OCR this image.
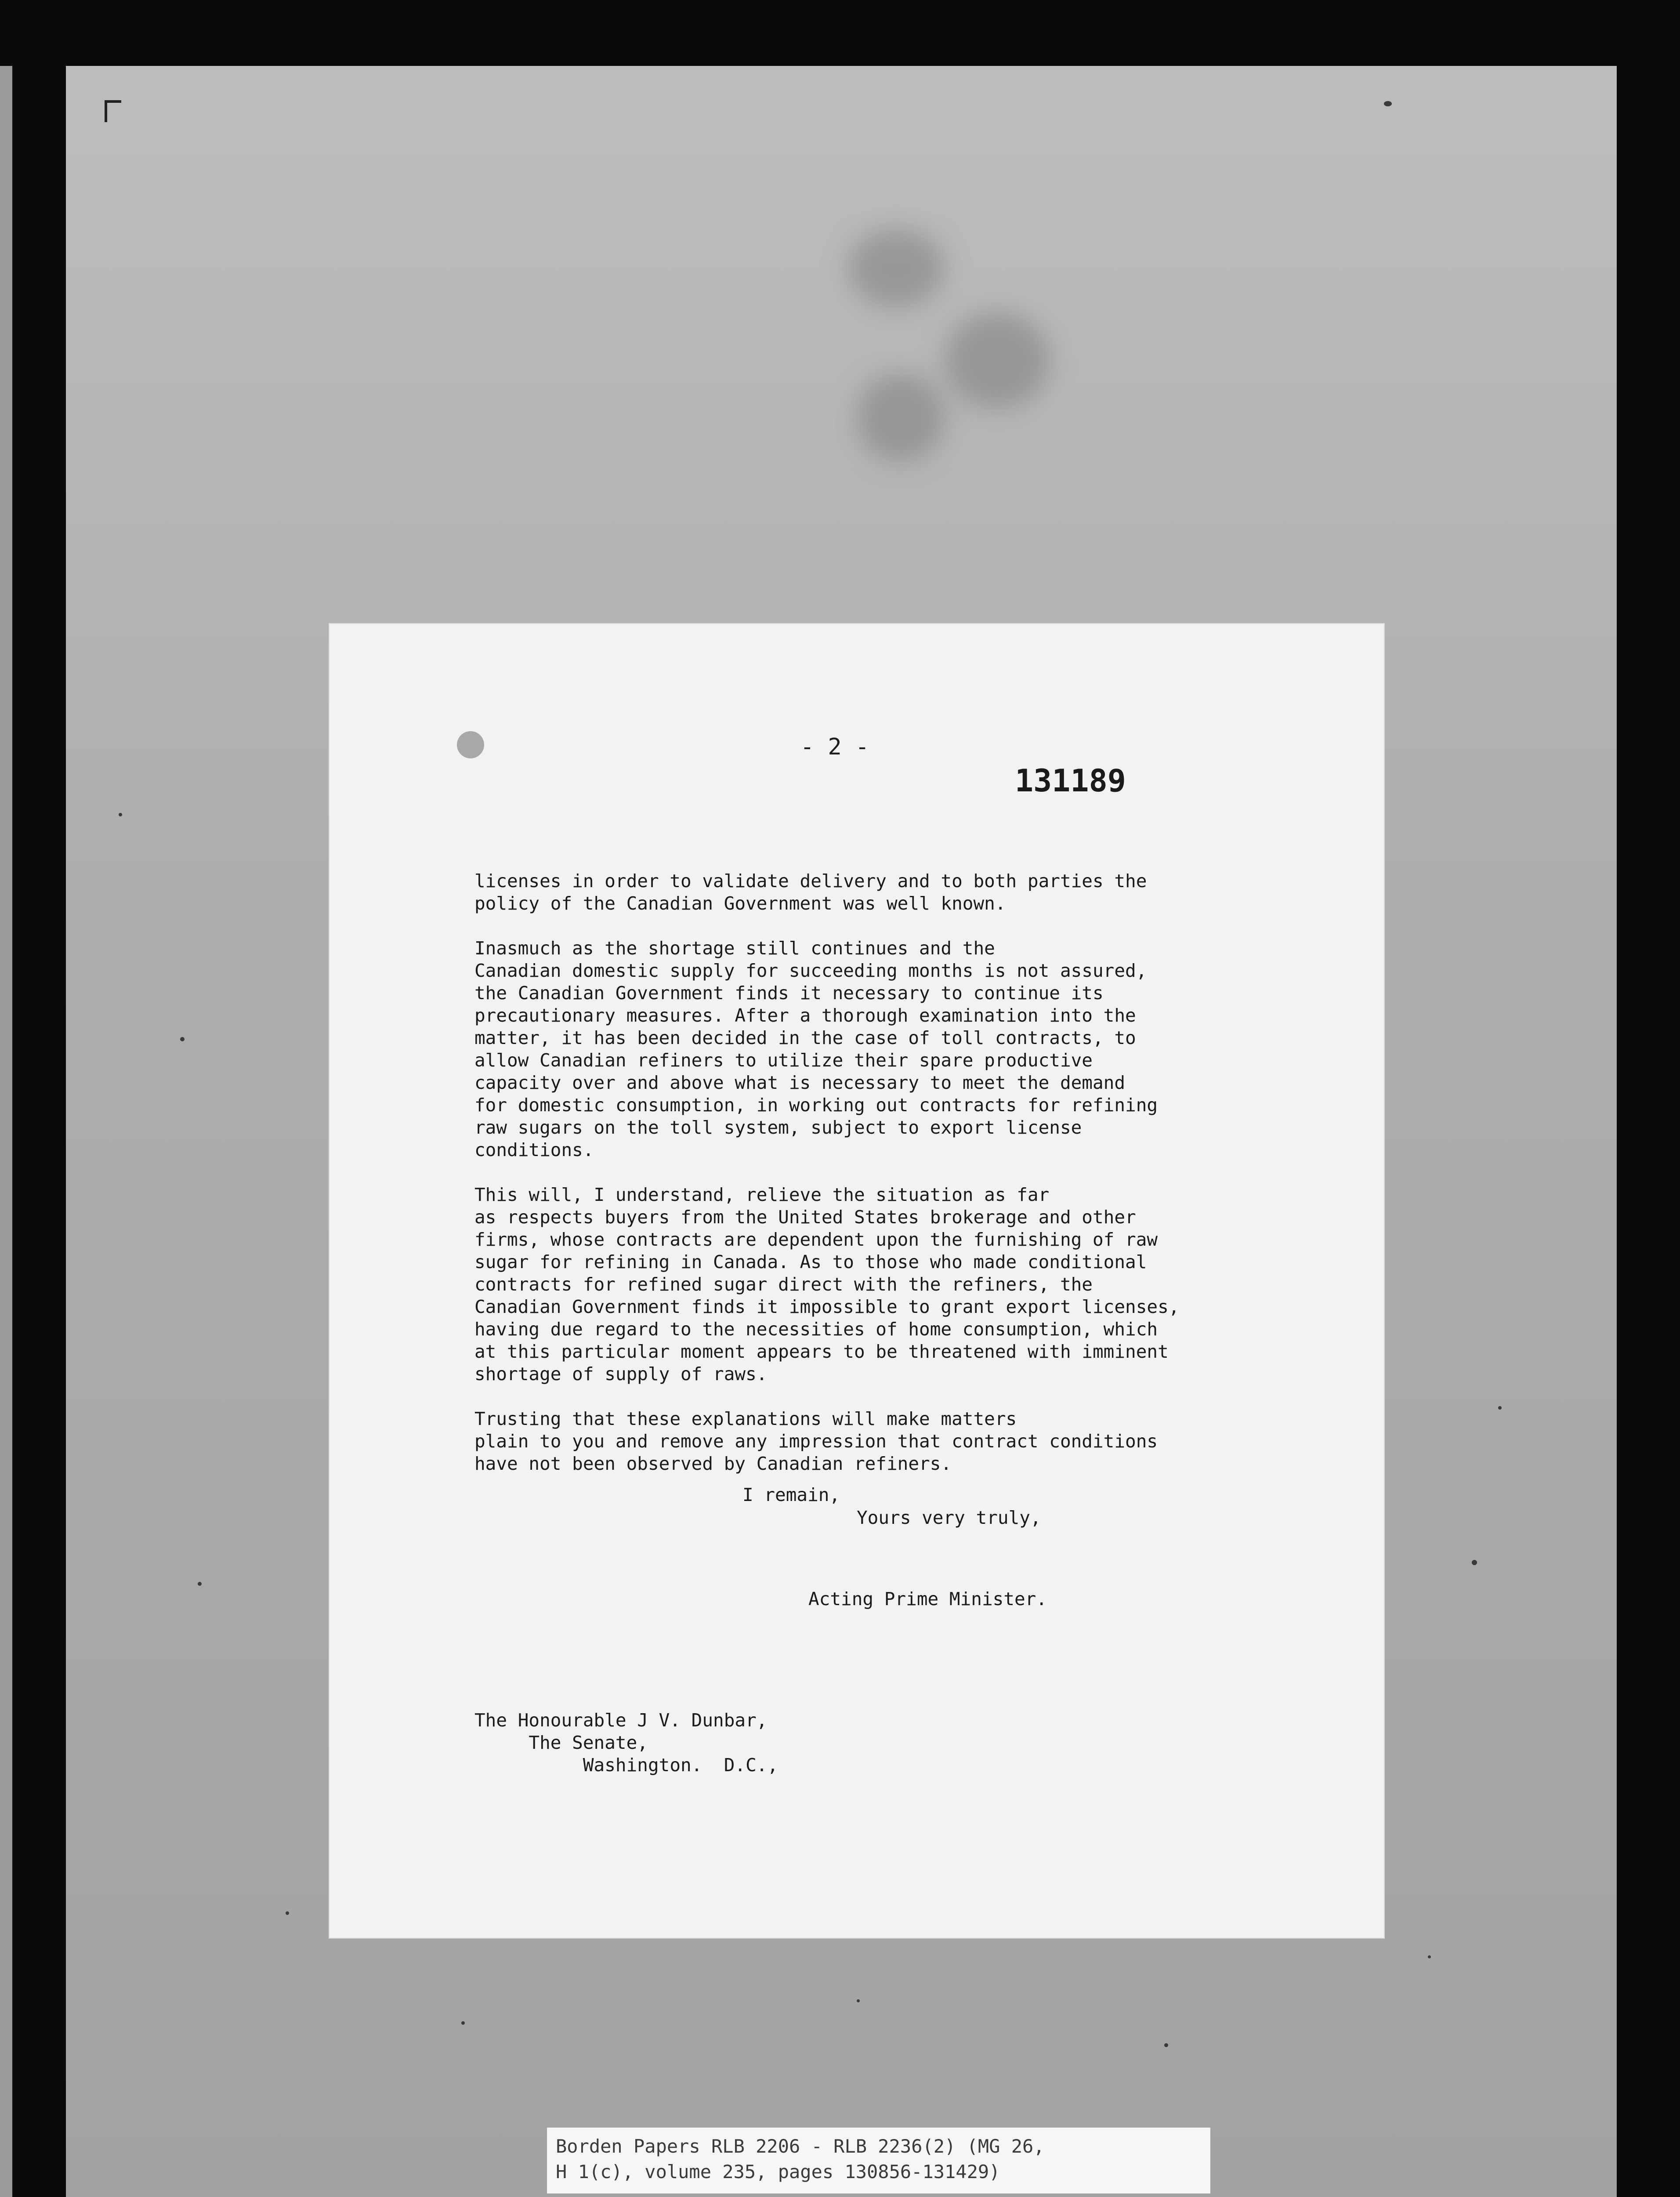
- 2 -
131189

licenses in order to validate delivery and to both parties the
policy of the Canadian Government was well known.

Inasmuch as the shortage still continues and the
Canadian domestic supply for succeeding months is not assured,
the Canadian Government finds it necessary to continue its
precautionary measures. After a thorough examination into the
matter, it has been decided in the case of toll contracts, to
allow Canadian refiners to utilize their spare productive
capacity over and above what is necessary to meet the demand
for domestic consumption, in working out contracts for refining
raw sugars on the toll system, subject to export license
conditions.

This will, I understand, relieve the situation as far
as respects buyers from the United States brokerage and other
firms, whose contracts are dependent upon the furnishing of raw
sugar for refining in Canada. As to those who made conditional
contracts for refined sugar direct with the refiners, the
Canadian Government finds it impossible to grant export licenses,
having due regard to the necessities of home consumption, which
at this particular moment appears to be threatened with imminent
shortage of supply of raws.

Trusting that these explanations will make matters
plain to you and remove any impression that contract conditions
have not been observed by Canadian refiners.

I remain,
Yours very truly,
Acting Prime Minister.
The Honourable J V. Dunbar,
The Senate,
Washington.  D.C.,
Borden Papers RLB 2206 - RLB 2236(2) (MG 26,
H 1(c), volume 235, pages 130856-131429)
